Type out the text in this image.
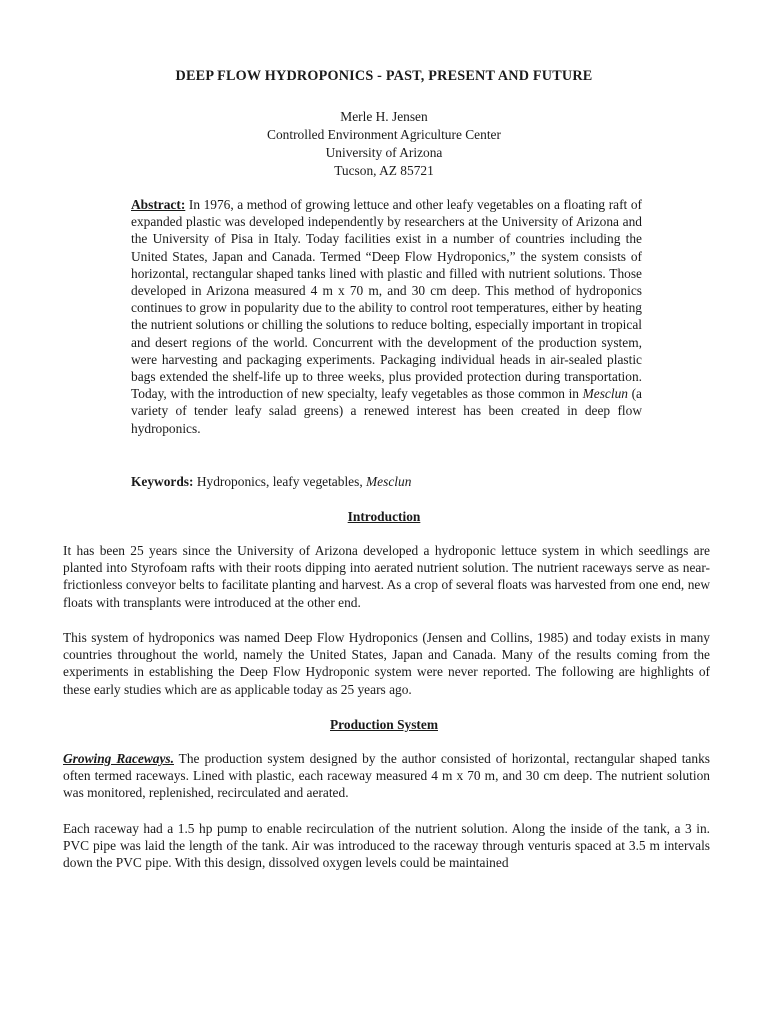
DEEP FLOW HYDROPONICS - PAST, PRESENT AND FUTURE
Merle H. Jensen
Controlled Environment Agriculture Center
University of Arizona
Tucson, AZ 85721

Abstract: In 1976, a method of growing lettuce and other leafy vegetables on a floating raft of expanded plastic was developed independently by researchers at the University of Arizona and the University of Pisa in Italy. Today facilities exist in a number of countries including the United States, Japan and Canada. Termed “Deep Flow Hydroponics,” the system consists of horizontal, rectangular shaped tanks lined with plastic and filled with nutrient solutions. Those developed in Arizona measured 4 m x 70 m, and 30 cm deep. This method of hydroponics continues to grow in popularity due to the ability to control root temperatures, either by heating the nutrient solutions or chilling the solutions to reduce bolting, especially important in tropical and desert regions of the world. Concurrent with the development of the production system, were harvesting and packaging experiments. Packaging individual heads in air-sealed plastic bags extended the shelf-life up to three weeks, plus provided protection during transportation. Today, with the introduction of new specialty, leafy vegetables as those common in Mesclun (a variety of tender leafy salad greens) a renewed interest has been created in deep flow hydroponics.

Keywords: Hydroponics, leafy vegetables, Mesclun

Introduction

It has been 25 years since the University of Arizona developed a hydroponic lettuce system in which seedlings are planted into Styrofoam rafts with their roots dipping into aerated nutrient solution. The nutrient raceways serve as near-frictionless conveyor belts to facilitate planting and harvest. As a crop of several floats was harvested from one end, new floats with transplants were introduced at the other end.

This system of hydroponics was named Deep Flow Hydroponics (Jensen and Collins, 1985) and today exists in many countries throughout the world, namely the United States, Japan and Canada. Many of the results coming from the experiments in establishing the Deep Flow Hydroponic system were never reported. The following are highlights of these early studies which are as applicable today as 25 years ago.

Production System

Growing Raceways. The production system designed by the author consisted of horizontal, rectangular shaped tanks often termed raceways. Lined with plastic, each raceway measured 4 m x 70 m, and 30 cm deep. The nutrient solution was monitored, replenished, recirculated and aerated.

Each raceway had a 1.5 hp pump to enable recirculation of the nutrient solution. Along the inside of the tank, a 3 in. PVC pipe was laid the length of the tank. Air was introduced to the raceway through venturis spaced at 3.5 m intervals down the PVC pipe. With this design, dissolved oxygen levels could be maintained
